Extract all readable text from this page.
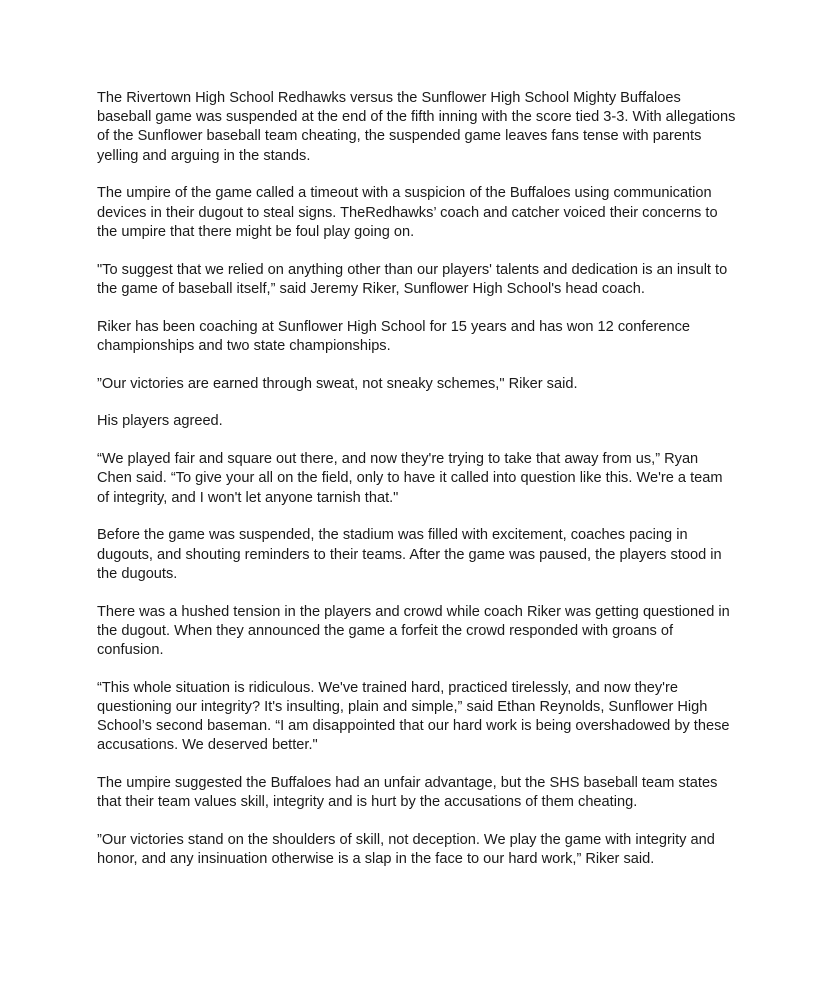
The Rivertown High School Redhawks versus the Sunflower High School Mighty Buffaloes baseball game was suspended at the end of the fifth inning with the score tied 3-3. With allegations of the Sunflower baseball team cheating, the suspended game leaves fans tense with parents yelling and arguing in the stands.

The umpire of the game called a timeout with a suspicion of the Buffaloes using communication devices in their dugout to steal signs. TheRedhawks’ coach and catcher voiced their concerns to the umpire that there might be foul play going on.

"To suggest that we relied on anything other than our players' talents and dedication is an insult to the game of baseball itself,” said Jeremy Riker, Sunflower High School's head coach.

Riker has been coaching at Sunflower High School for 15 years and has won 12 conference championships and two state championships.

”Our victories are earned through sweat, not sneaky schemes," Riker said.

His players agreed.

“We played fair and square out there, and now they're trying to take that away from us,” Ryan Chen said. “To give your all on the field, only to have it called into question like this. We're a team of integrity, and I won't let anyone tarnish that."

Before the game was suspended, the stadium was filled with excitement, coaches pacing in dugouts, and shouting reminders to their teams. After the game was paused, the players stood in the dugouts.

There was a hushed tension in the players and crowd while coach Riker was getting questioned in the dugout. When they announced the game a forfeit the crowd responded with groans of confusion.

“This whole situation is ridiculous. We've trained hard, practiced tirelessly, and now they're questioning our integrity? It's insulting, plain and simple,” said Ethan Reynolds, Sunflower High School’s second baseman. “I am disappointed that our hard work is being overshadowed by these accusations. We deserved better."

The umpire suggested the Buffaloes had an unfair advantage, but the SHS baseball team states that their team values skill, integrity and is hurt by the accusations of them cheating.

”Our victories stand on the shoulders of skill, not deception. We play the game with integrity and honor, and any insinuation otherwise is a slap in the face to our hard work,” Riker said.
